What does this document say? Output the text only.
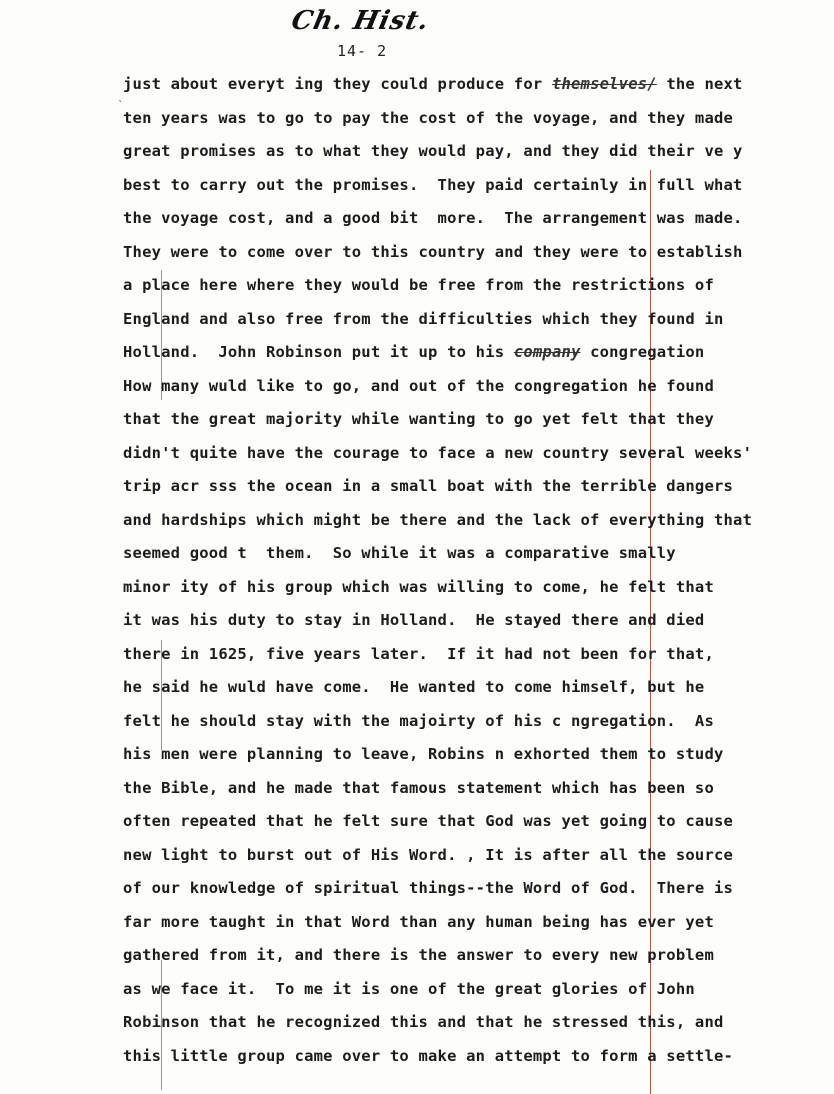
Ch. Hist.
14- 2
ˋ
just about everyt ing they could produce for themselves/ the next
ten years was to go to pay the cost of the voyage, and they made
great promises as to what they would pay, and they did their ve y
best to carry out the promises.  They paid certainly in full what
the voyage cost, and a good bit  more.  The arrangement was made.
They were to come over to this country and they were to establish
a place here where they would be free from the restrictions of
England and also free from the difficulties which they found in
Holland.  John Robinson put it up to his company congregation
How many wuld like to go, and out of the congregation he found
that the great majority while wanting to go yet felt that they
didn't quite have the courage to face a new country several weeks'
trip acr sss the ocean in a small boat with the terrible dangers
and hardships which might be there and the lack of everything that
seemed good t  them.  So while it was a comparative smally
minor ity of his group which was willing to come, he felt that
it was his duty to stay in Holland.  He stayed there and died
there in 1625, five years later.  If it had not been for that,
he said he wuld have come.  He wanted to come himself, but he
felt he should stay with the majoirty of his c ngregation.  As
his men were planning to leave, Robins n exhorted them to study
the Bible, and he made that famous statement which has been so
often repeated that he felt sure that God was yet going to cause
new light to burst out of His Word. , It is after all the source
of our knowledge of spiritual things--the Word of God.  There is
far more taught in that Word than any human being has ever yet
gathered from it, and there is the answer to every new problem
as we face it.  To me it is one of the great glories of John
Robinson that he recognized this and that he stressed this, and
this little group came over to make an attempt to form a settle-
